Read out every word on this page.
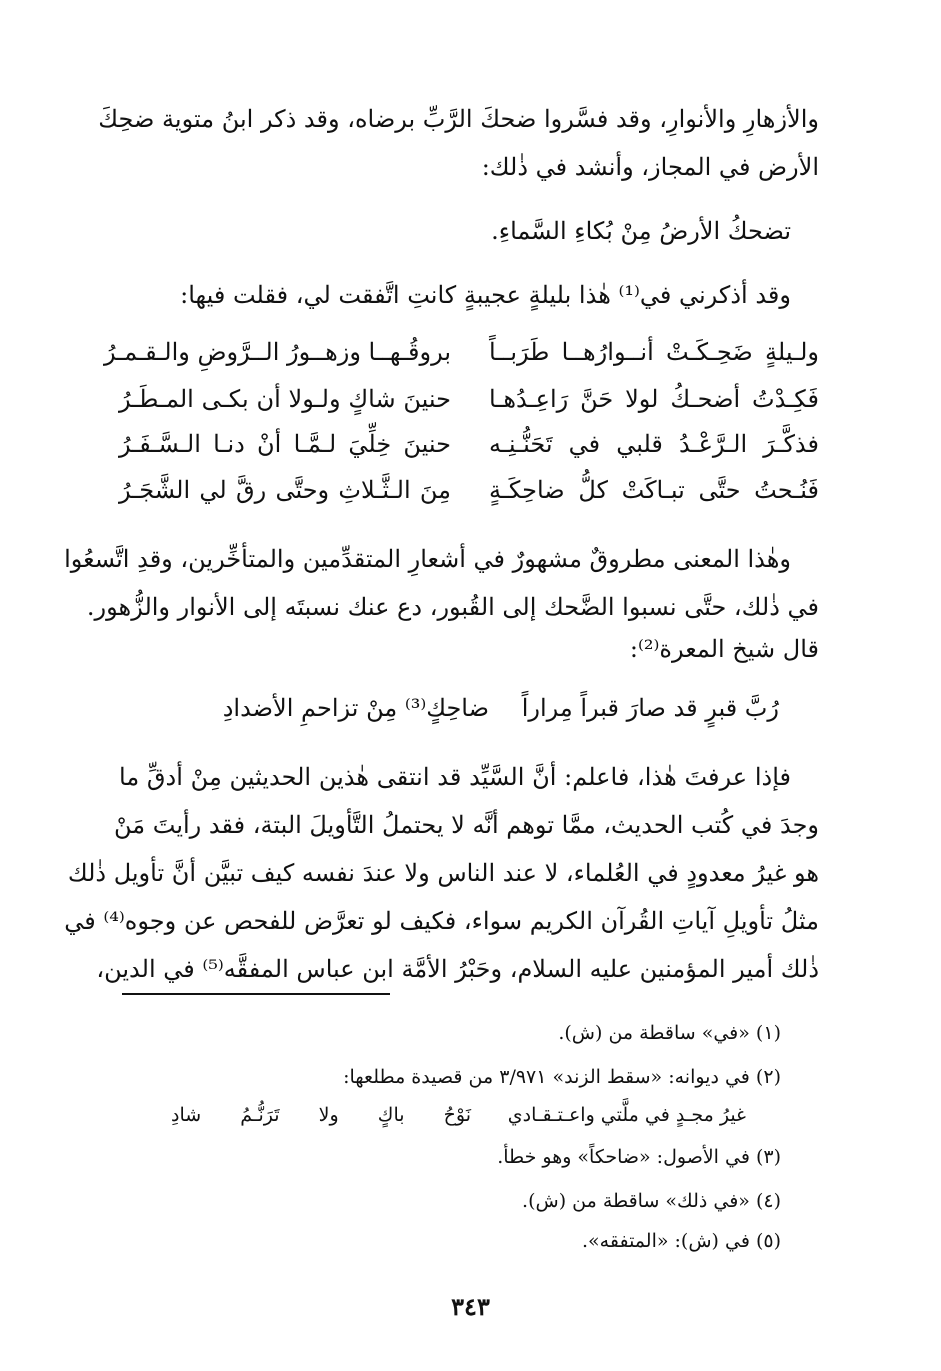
والأزهارِ والأنوارِ، وقد فسَّروا ضحكَ الرَّبِّ برضاه، وقد ذكر ابنُ متوية ضحِكَ
الأرض في المجاز، وأنشد في ذٰلك:
تضحكُ الأرضُ مِنْ بُكاءِ السَّماءِ.
وقد أذكرني في⁽¹⁾ هٰذا بليلةٍ عجيبةٍ كانتِ اتَّفقت لي، فقلت فيها:
ولـيلةٍ ضَحِـكَـتْ أنــوارُهــا طَرَبــاً
بروقُـهــا وزهــورُ الــرَّوضِ والـقـمـرُ
فَكِـدْتُ أضحـكُ لولا حَنَّ رَاعِـدُهـا
حنينَ شاكٍ ولـولا أن بكـى المـطَـرُ
فذكَّـرَ الـرَّعْـدُ قلبي في تَحَنُّـنِـه
حنينَ خِلِّيَ لـمَّـا أنْ دنـا الـسَّـفَـرُ
فَنُـحتُ حتَّى تبـاكَتْ كلُّ ضاحِكَـةٍ
مِنَ الـثَّـلاثِ وحتَّى رقَّ لي الشَّجَـرُ
وهٰذا المعنى مطروقٌ مشهورٌ في أشعارِ المتقدِّمين والمتأخِّرين، وقدِ اتَّسعُوا
في ذٰلك، حتَّى نسبوا الضَّحك إلى القُبور، دع عنك نسبتَه إلى الأنوار والزُّهور.
قال شيخ المعرة⁽²⁾:
رُبَّ قبرٍ قد صارَ قبراً مِراراً
ضاحِكٍ⁽³⁾ مِنْ تزاحمِ الأضدادِ
فإذا عرفتَ هٰذا، فاعلم: أنَّ السَّيِّد قد انتقى هٰذين الحديثين مِنْ أدقِّ ما
وجدَ في كُتب الحديث، ممَّا توهم أنَّه لا يحتملُ التَّأويلَ البتة، فقد رأيتَ مَنْ
هو غيرُ معدودٍ في العُلماء، لا عند الناس ولا عندَ نفسه كيف تبيَّن أنَّ تأويل ذٰلك
مثلُ تأويلِ آياتِ القُرآن الكريم سواء، فكيف لو تعرَّض للفحص عن وجوه⁽⁴⁾ في
ذٰلك أمير المؤمنين عليه السلام، وحَبْرُ الأمَّة ابن عباس المفقَّه⁽⁵⁾ في الدين،
(١) «في» ساقطة من (ش).
(٢) في ديوانه: «سقط الزند» ٣/٩٧١ من قصيدة مطلعها:
غيرُ مجـدٍ في ملَّتي واعـتـقـادي
نَوْحُ باكٍ ولا تَرَنُّـمُ شادِ
(٣) في الأصول: «ضاحكاً» وهو خطأ.
(٤) «في ذلك» ساقطة من (ش).
(٥) في (ش): «المتفقه».
٣٤٣
